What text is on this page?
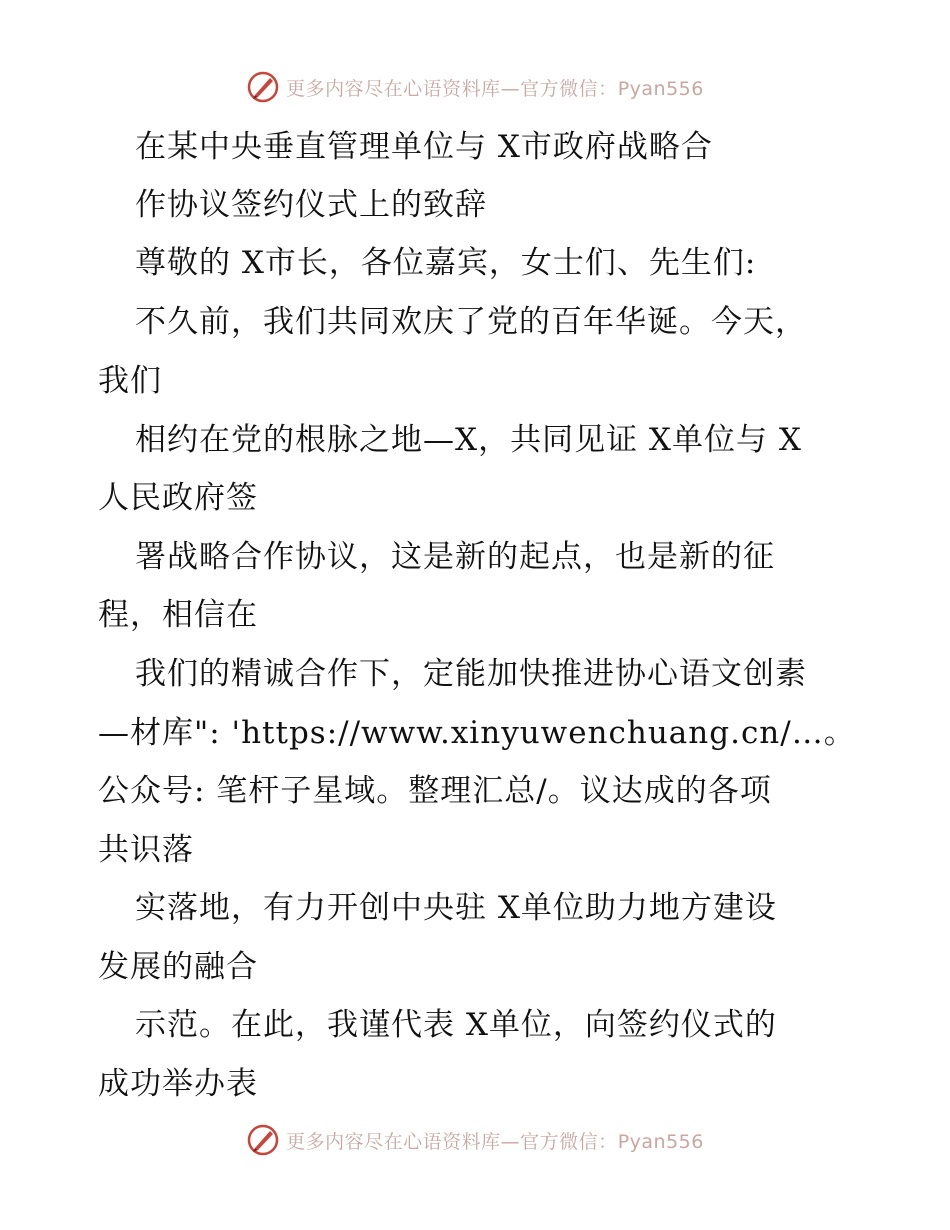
更多内容尽在心语资料库—官方微信：Pyan556
在某中央垂直管理单位与 X市政府战略合
作协议签约仪式上的致辞
尊敬的 X市长，各位嘉宾，女士们、先生们:
不久前，我们共同欢庆了党的百年华诞。今天，
我们
相约在党的根脉之地—X，共同见证 X单位与 X
人民政府签
署战略合作协议，这是新的起点，也是新的征
程，相信在
我们的精诚合作下，定能加快推进协心语文创素
—材库": 'https://www.xinyuwenchuang.cn/…。
公众号: 笔杆子星域。整理汇总/。议达成的各项
共识落
实落地，有力开创中央驻 X单位助力地方建设
发展的融合
示范。在此，我谨代表 X单位，向签约仪式的
成功举办表
更多内容尽在心语资料库—官方微信：Pyan556
